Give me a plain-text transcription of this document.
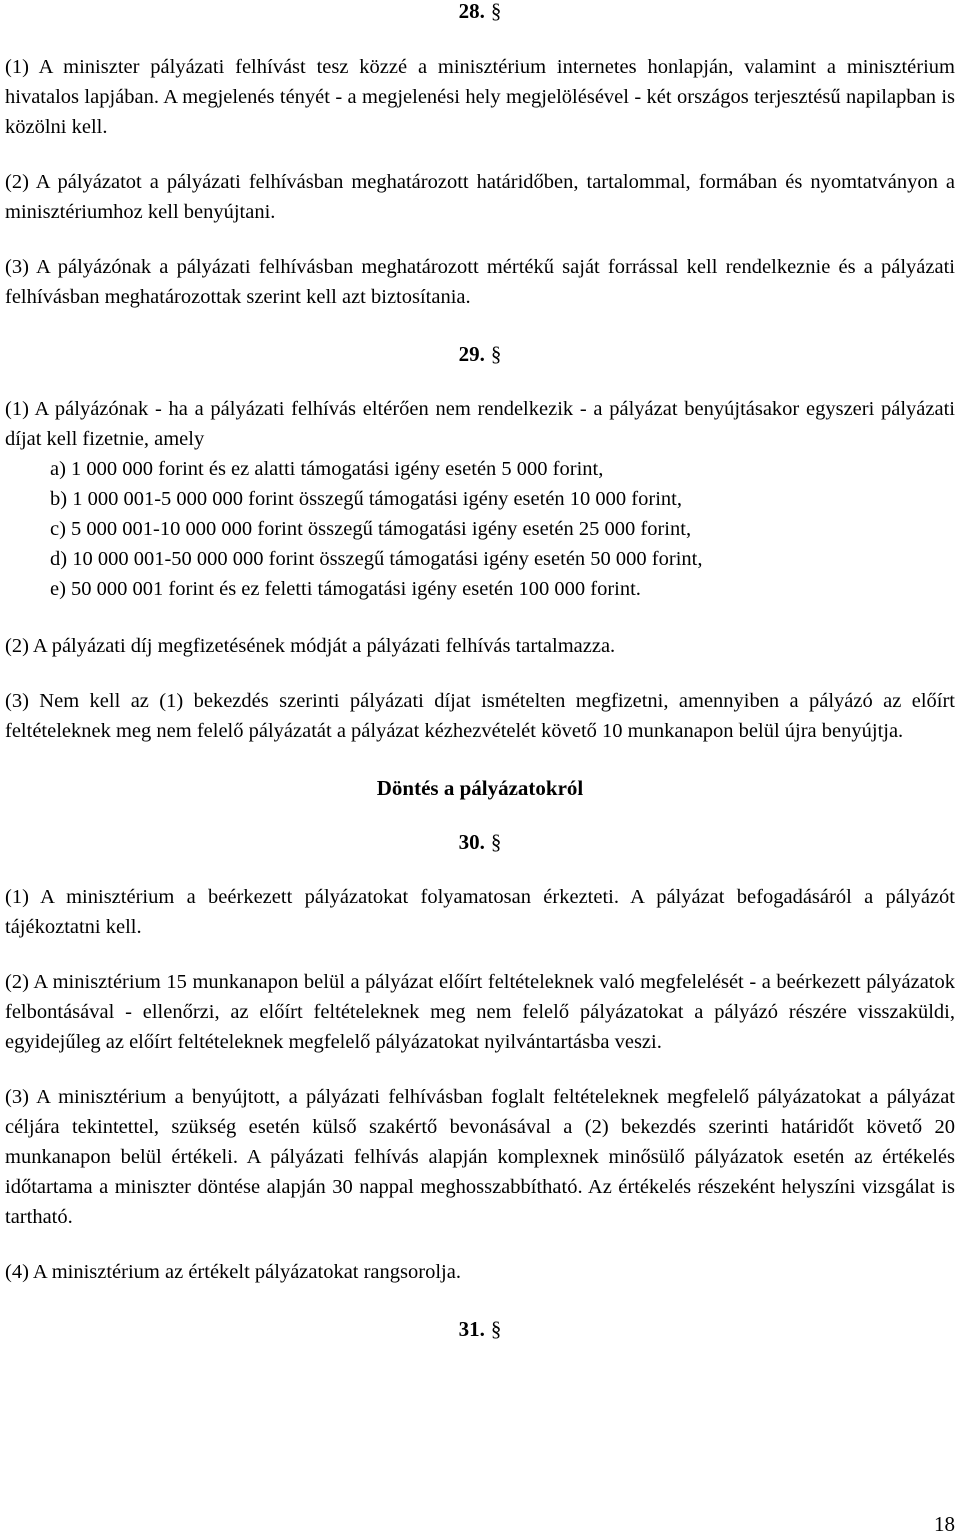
28. §

(1) A miniszter pályázati felhívást tesz közzé a minisztérium internetes honlapján, valamint a minisztérium hivatalos lapjában. A megjelenés tényét - a megjelenési hely megjelölésével - két országos terjesztésű napilapban is közölni kell.

(2) A pályázatot a pályázati felhívásban meghatározott határidőben, tartalommal, formában és nyomtatványon a minisztériumhoz kell benyújtani.

(3) A pályázónak a pályázati felhívásban meghatározott mértékű saját forrással kell rendelkeznie és a pályázati felhívásban meghatározottak szerint kell azt biztosítania.

29. §

(1) A pályázónak - ha a pályázati felhívás eltérően nem rendelkezik - a pályázat benyújtásakor egyszeri pályázati díjat kell fizetnie, amely

a) 1 000 000 forint és ez alatti támogatási igény esetén 5 000 forint,

b) 1 000 001-5 000 000 forint összegű támogatási igény esetén 10 000 forint,

c) 5 000 001-10 000 000 forint összegű támogatási igény esetén 25 000 forint,

d) 10 000 001-50 000 000 forint összegű támogatási igény esetén 50 000 forint,

e) 50 000 001 forint és ez feletti támogatási igény esetén 100 000 forint.

(2) A pályázati díj megfizetésének módját a pályázati felhívás tartalmazza.

(3) Nem kell az (1) bekezdés szerinti pályázati díjat ismételten megfizetni, amennyiben a pályázó az előírt feltételeknek meg nem felelő pályázatát a pályázat kézhezvételét követő 10 munkanapon belül újra benyújtja.

Döntés a pályázatokról
30. §

(1) A minisztérium a beérkezett pályázatokat folyamatosan érkezteti. A pályázat befogadásáról a pályázót tájékoztatni kell.

(2) A minisztérium 15 munkanapon belül a pályázat előírt feltételeknek való megfelelését - a beérkezett pályázatok felbontásával - ellenőrzi, az előírt feltételeknek meg nem felelő pályázatokat a pályázó részére visszaküldi, egyidejűleg az előírt feltételeknek megfelelő pályázatokat nyilvántartásba veszi.

(3) A minisztérium a benyújtott, a pályázati felhívásban foglalt feltételeknek megfelelő pályázatokat a pályázat céljára tekintettel, szükség esetén külső szakértő bevonásával a (2) bekezdés szerinti határidőt követő 20 munkanapon belül értékeli. A pályázati felhívás alapján komplexnek minősülő pályázatok esetén az értékelés időtartama a miniszter döntése alapján 30 nappal meghosszabbítható. Az értékelés részeként helyszíni vizsgálat is tartható.

(4) A minisztérium az értékelt pályázatokat rangsorolja.

31. §
18
